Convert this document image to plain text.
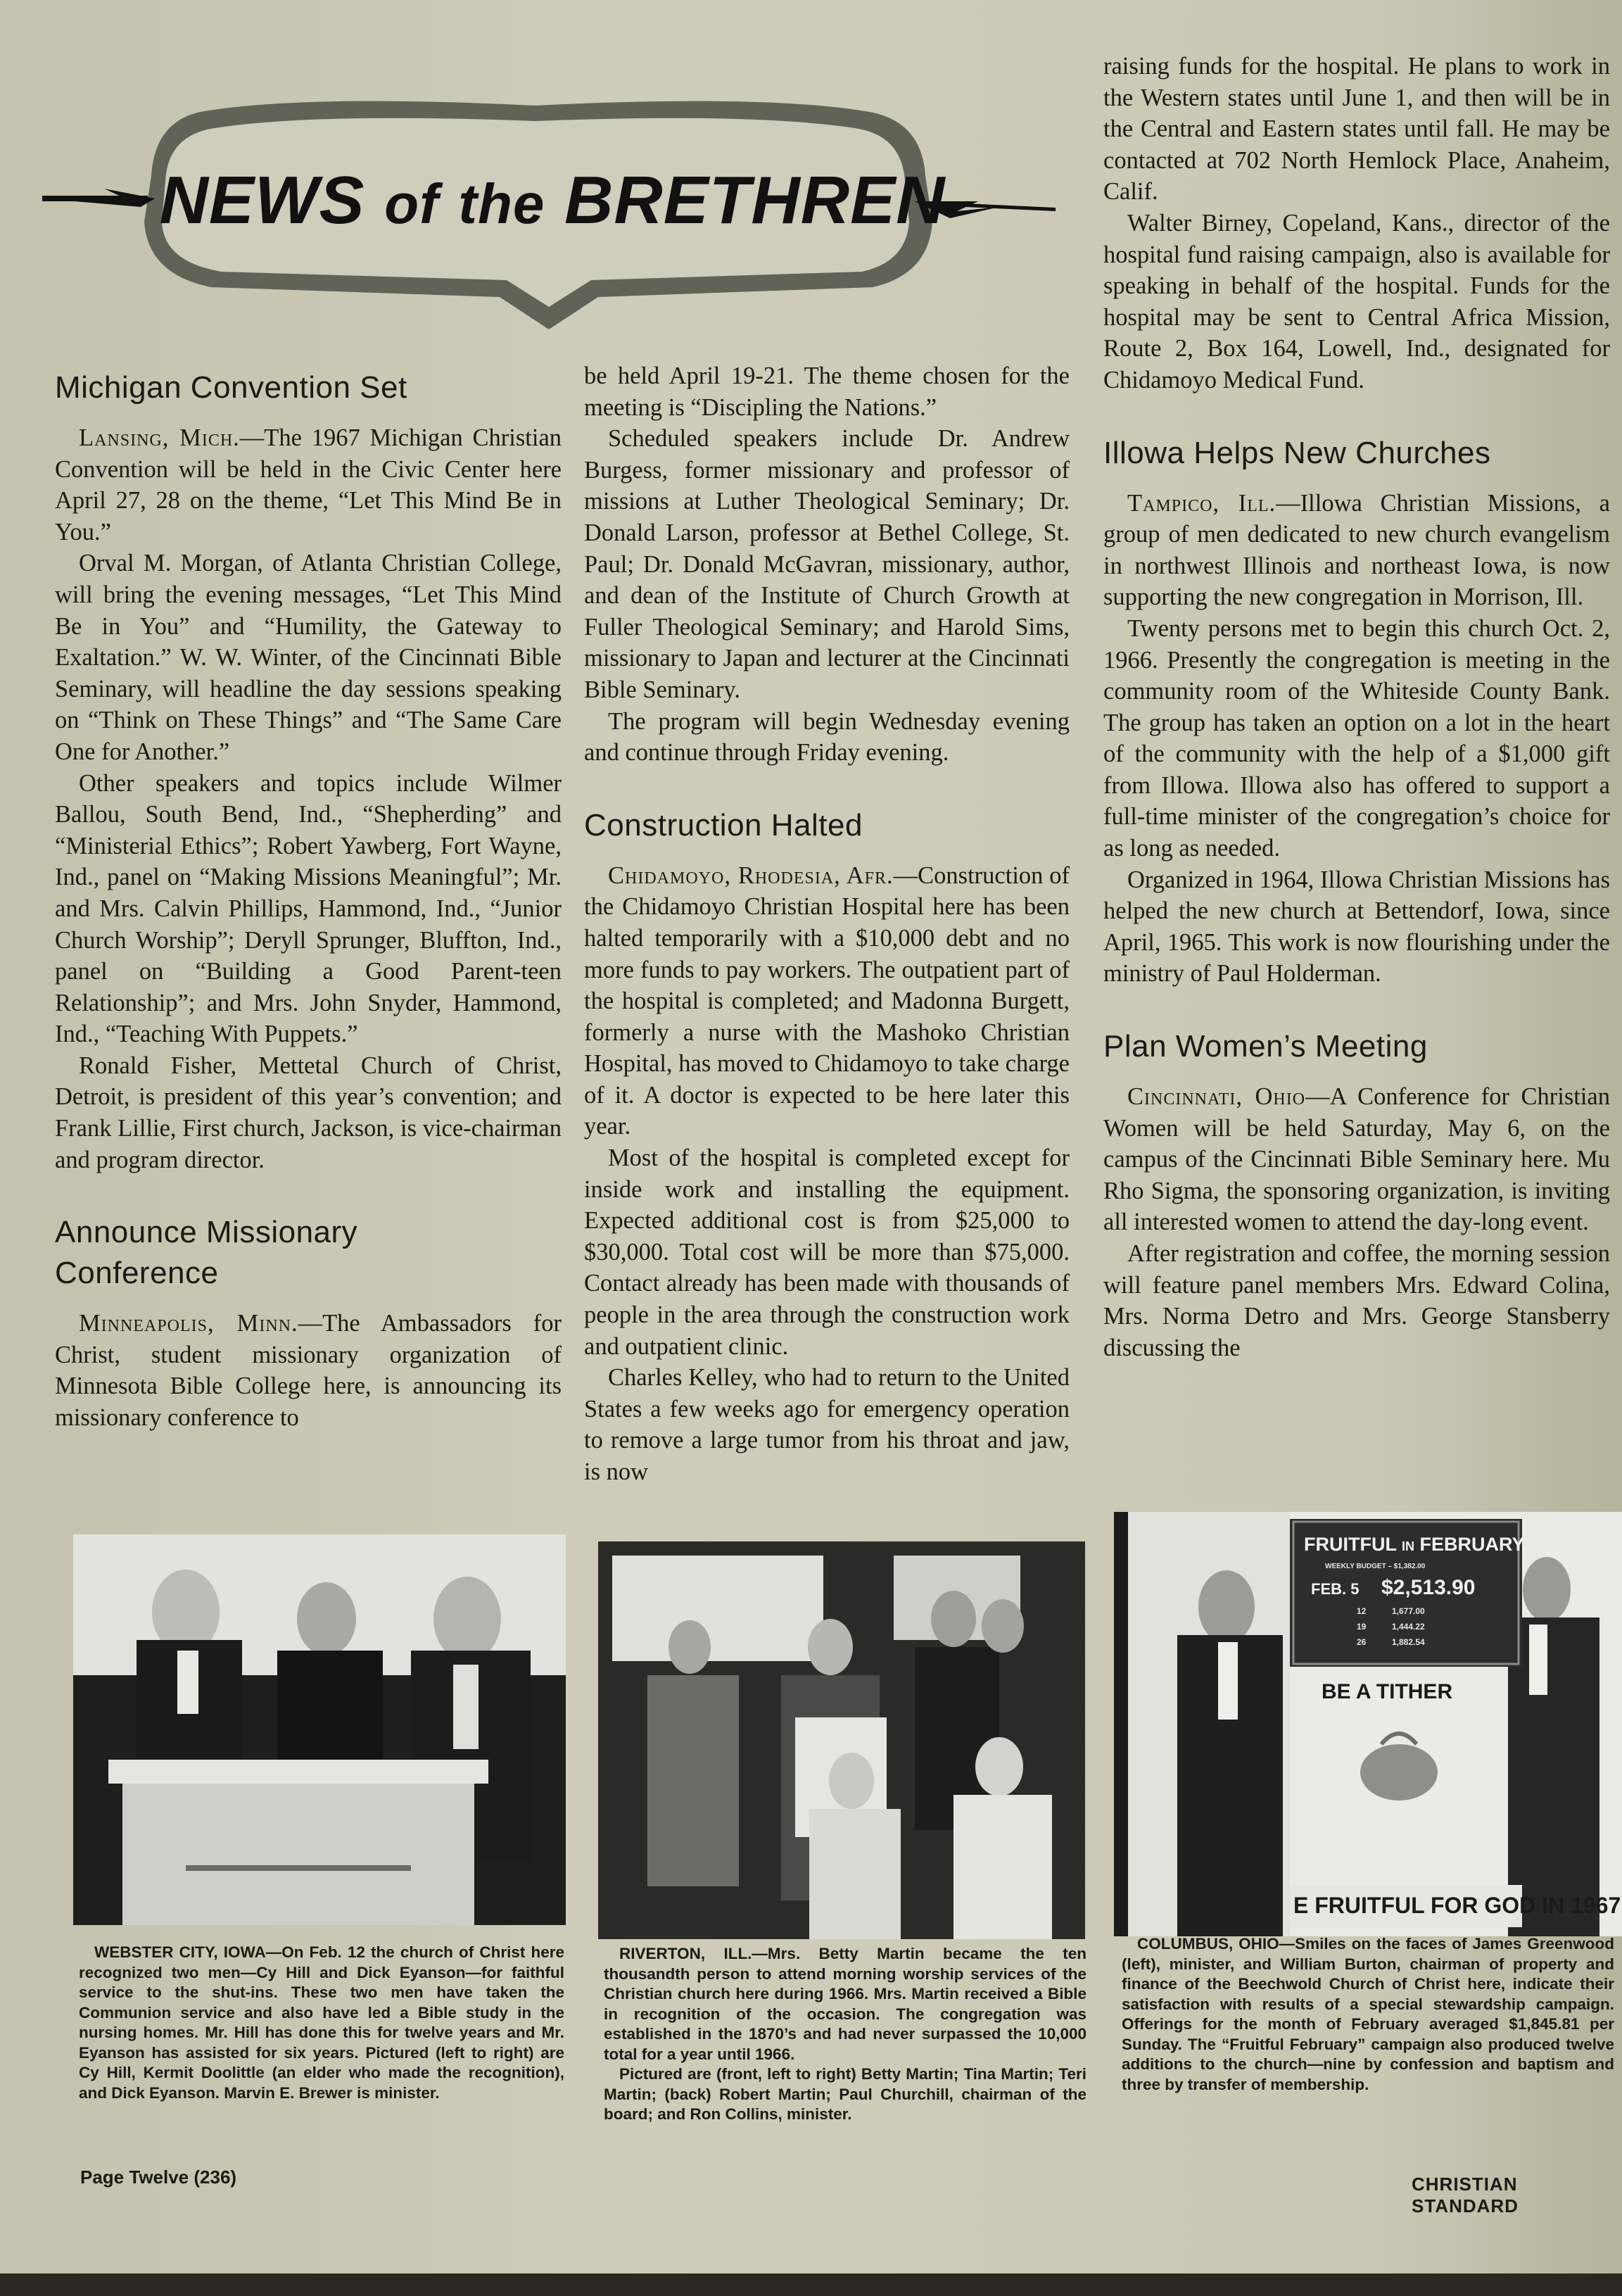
NEWS of the BRETHREN
Michigan Convention Set

Lansing, Mich.—The 1967 Michigan Christian Convention will be held in the Civic Center here April 27, 28 on the theme, “Let This Mind Be in You.”

Orval M. Morgan, of Atlanta Christian College, will bring the evening messages, “Let This Mind Be in You” and “Humility, the Gateway to Exaltation.” W. W. Winter, of the Cincinnati Bible Seminary, will headline the day sessions speaking on “Think on These Things” and “The Same Care One for Another.”

Other speakers and topics include Wilmer Ballou, South Bend, Ind., “Shepherding” and “Ministerial Ethics”; Robert Yawberg, Fort Wayne, Ind., panel on “Making Missions Meaningful”; Mr. and Mrs. Calvin Phillips, Hammond, Ind., “Junior Church Worship”; Deryll Sprunger, Bluffton, Ind., panel on “Building a Good Parent-teen Relationship”; and Mrs. John Snyder, Hammond, Ind., “Teaching With Puppets.”

Ronald Fisher, Mettetal Church of Christ, Detroit, is president of this year’s convention; and Frank Lillie, First church, Jackson, is vice-chairman and program director.

Announce Missionary
Conference

Minneapolis, Minn.—The Ambassadors for Christ, student missionary organization of Minnesota Bible College here, is announcing its missionary conference to

be held April 19-21. The theme chosen for the meeting is “Discipling the Nations.”

Scheduled speakers include Dr. Andrew Burgess, former missionary and professor of missions at Luther Theological Seminary; Dr. Donald Larson, professor at Bethel College, St. Paul; Dr. Donald McGavran, missionary, author, and dean of the Institute of Church Growth at Fuller Theological Seminary; and Harold Sims, missionary to Japan and lecturer at the Cincinnati Bible Seminary.

The program will begin Wednesday evening and continue through Friday evening.

Construction Halted

Chidamoyo, Rhodesia, Afr.—Construction of the Chidamoyo Christian Hospital here has been halted temporarily with a $10,000 debt and no more funds to pay workers. The outpatient part of the hospital is completed; and Madonna Burgett, formerly a nurse with the Mashoko Christian Hospital, has moved to Chidamoyo to take charge of it. A doctor is expected to be here later this year.

Most of the hospital is completed except for inside work and installing the equipment. Expected additional cost is from $25,000 to $30,000. Total cost will be more than $75,000. Contact already has been made with thousands of people in the area through the construction work and outpatient clinic.

Charles Kelley, who had to return to the United States a few weeks ago for emergency operation to remove a large tumor from his throat and jaw, is now

raising funds for the hospital. He plans to work in the Western states until June 1, and then will be in the Central and Eastern states until fall. He may be contacted at 702 North Hemlock Place, Anaheim, Calif.

Walter Birney, Copeland, Kans., director of the hospital fund raising campaign, also is available for speaking in behalf of the hospital. Funds for the hospital may be sent to Central Africa Mission, Route 2, Box 164, Lowell, Ind., designated for Chidamoyo Medical Fund.

Illowa Helps New Churches

Tampico, Ill.—Illowa Christian Missions, a group of men dedicated to new church evangelism in northwest Illinois and northeast Iowa, is now supporting the new congregation in Morrison, Ill.

Twenty persons met to begin this church Oct. 2, 1966. Presently the congregation is meeting in the community room of the Whiteside County Bank. The group has taken an option on a lot in the heart of the community with the help of a $1,000 gift from Illowa. Illowa also has offered to support a full-time minister of the congregation’s choice for as long as needed.

Organized in 1964, Illowa Christian Missions has helped the new church at Bettendorf, Iowa, since April, 1965. This work is now flourishing under the ministry of Paul Holderman.

Plan Women’s Meeting

Cincinnati, Ohio—A Conference for Christian Women will be held Saturday, May 6, on the campus of the Cincinnati Bible Seminary here. Mu Rho Sigma, the sponsoring organization, is inviting all interested women to attend the day-long event.

After registration and coffee, the morning session will feature panel members Mrs. Edward Colina, Mrs. Norma Detro and Mrs. George Stansberry discussing the

FRUITFUL IN FEBRUARY
WEEKLY BUDGET – $1,382.00
FEB. 5 $2,513.90
12	1,677.00
19	1,444.22
26	1,882.54
BE A TITHER
E FRUITFUL FOR GOD IN 1967

WEBSTER CITY, IOWA—On Feb. 12 the church of Christ here recognized two men—Cy Hill and Dick Eyanson—for faithful service to the shut-ins. These two men have taken the Communion service and also have led a Bible study in the nursing homes. Mr. Hill has done this for twelve years and Mr. Eyanson has assisted for six years. Pictured (left to right) are Cy Hill, Kermit Doolittle (an elder who made the recognition), and Dick Eyanson. Marvin E. Brewer is minister.

RIVERTON, ILL.—Mrs. Betty Martin became the ten thousandth person to attend morning worship services of the Christian church here during 1966. Mrs. Martin received a Bible in recognition of the occasion. The congregation was established in the 1870’s and had never surpassed the 10,000 total for a year until 1966.

Pictured are (front, left to right) Betty Martin; Tina Martin; Teri Martin; (back) Robert Martin; Paul Churchill, chairman of the board; and Ron Collins, minister.

COLUMBUS, OHIO—Smiles on the faces of James Greenwood (left), minister, and William Burton, chairman of property and finance of the Beechwold Church of Christ here, indicate their satisfaction with results of a special stewardship campaign. Offerings for the month of February averaged $1,845.81 per Sunday. The “Fruitful February” campaign also produced twelve additions to the church—nine by confession and baptism and three by transfer of membership.

Page Twelve (236)	CHRISTIAN STANDARD
